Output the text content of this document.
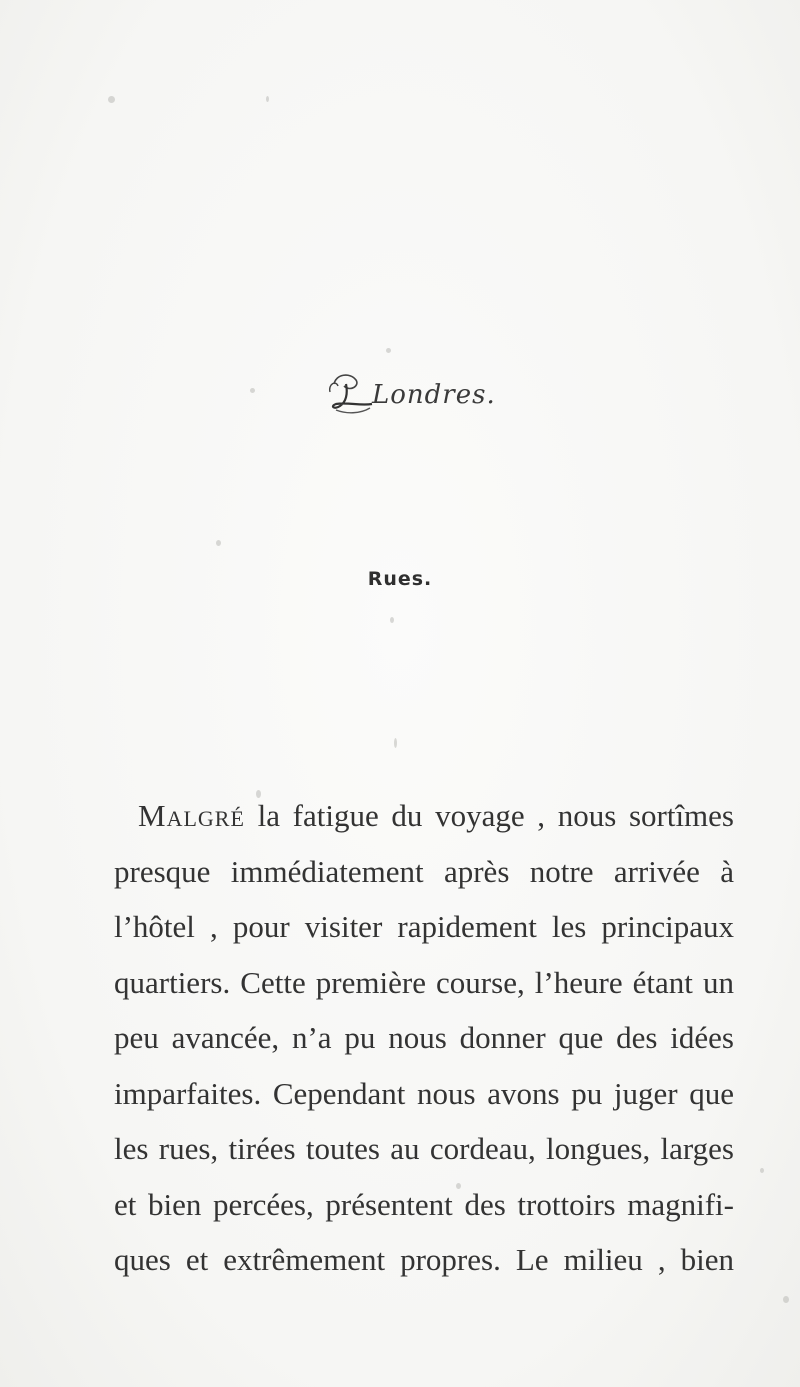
Londres.
Rues.
Malgré la fatigue du voyage , nous sortîmes
presque immédiatement après notre arrivée à
l’hôtel , pour visiter rapidement les principaux
quartiers. Cette première course, l’heure étant un
peu avancée, n’a pu nous donner que des idées
imparfaites. Cependant nous avons pu juger que
les rues, tirées toutes au cordeau, longues, larges
et bien percées, présentent des trottoirs magnifi-
ques et extrêmement propres. Le milieu , bien
